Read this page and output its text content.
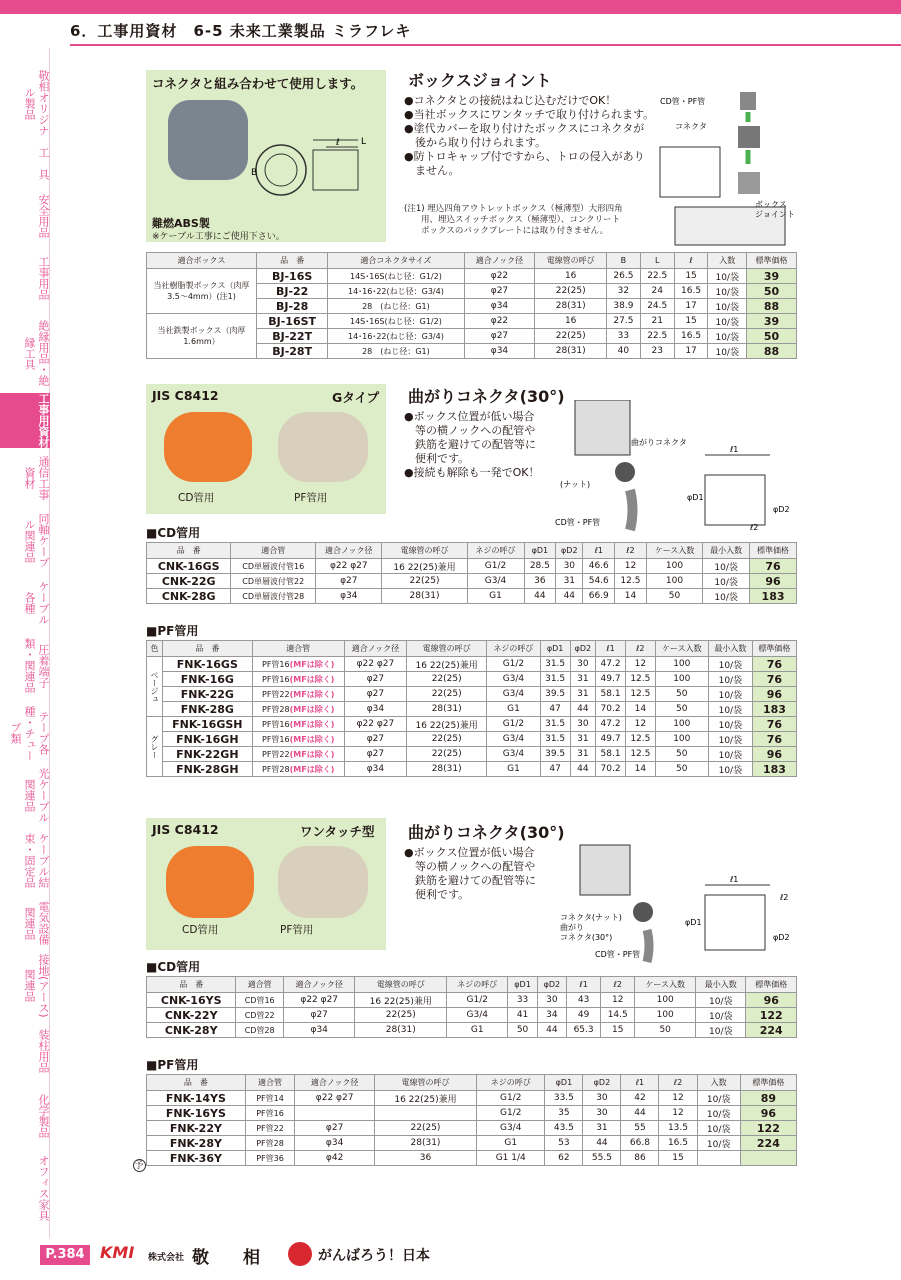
6．工事用資材　6-5 未来工業製品 ミラフレキ
敬相オリジナル製品
工　具
安全用品
工事用品
絶縁用品・絶縁工具
工事用資材
通信工事資材
同軸ケーブル関連品
ケーブル各種
圧着端子類・関連品
テープ各種・チューブ類
光ケーブル関連品
ケーブル結束・固定品
電気設備関連品
接地(アース)関連品
装柱用品
化学製品
オフィス家具
コネクタと組み合わせて使用します。
L
ℓ
B
難燃ABS製
※ケーブル工事にご使用下さい。
ボックスジョイント
●コネクタとの接続はねじ込むだけでOK！
●当社ボックスにワンタッチで取り付けられます。
●塗代カバーを取り付けたボックスにコネクタが
　後から取り付けられます。
●防トロキャップ付ですから、トロの侵入があり
　ません。
(注1) 埋込四角アウトレットボックス（極薄型）大形四角
　　用、埋込スイッチボックス（極薄型）、コンクリート
　　ボックスのバックプレートには取り付きません。
CD管・PF管
コネクタ
ボックス
ジョイント
適合ボックス	品　番	適合コネクタサイズ	適合ノック径	電線管の呼び	B	L	ℓ	入数	標準価格
当社樹脂製ボックス（肉厚3.5～4mm）(注1)	BJ-16S	14S･16S(ねじ径：G1/2)	φ22	16	26.5	22.5	15	10/袋	39
	BJ-22	14･16･22(ねじ径：G3/4)	φ27	22(25)	32	24	16.5	10/袋	50
	BJ-28	28　(ねじ径：G1)	φ34	28(31)	38.9	24.5	17	10/袋	88
当社鉄製ボックス（肉厚1.6mm）	BJ-16ST	14S･16S(ねじ径：G1/2)	φ22	16	27.5	21	15	10/袋	39
	BJ-22T	14･16･22(ねじ径：G3/4)	φ27	22(25)	33	22.5	16.5	10/袋	50
	BJ-28T	28　(ねじ径：G1)	φ34	28(31)	40	23	17	10/袋	88
JIS C8412	Gタイプ
CD管用	PF管用
曲がりコネクタ(30°)
●ボックス位置が低い場合
　等の横ノックへの配管や
　鉄筋を避けての配管等に
　便利です。
●接続も解除も一発でOK！
曲がりコネクタ
(ナット)
CD管・PF管
ℓ1
φD1
φD2
ℓ2
■CD管用
品　番	適合管	適合ノック径	電線管の呼び	ネジの呼び	φD1	φD2	ℓ1	ℓ2	ケース入数	最小入数	標準価格
CNK-16GS	CD単層波付管16	φ22 φ27	16 22(25)兼用	G1/2	28.5	30	46.6	12	100	10/袋	76
CNK-22G	CD単層波付管22	φ27	22(25)	G3/4	36	31	54.6	12.5	100	10/袋	96
CNK-28G	CD単層波付管28	φ34	28(31)	G1	44	44	66.9	14	50	10/袋	183
■PF管用
色	品　番	適合管	適合ノック径	電線管の呼び	ネジの呼び	φD1	φD2	ℓ1	ℓ2	ケース入数	最小入数	標準価格
ベージュ	FNK-16GS	PF管16(MFは除く)	φ22 φ27	16 22(25)兼用	G1/2	31.5	30	47.2	12	100	10/袋	76
	FNK-16G	PF管16(MFは除く)	φ27	22(25)	G3/4	31.5	31	49.7	12.5	100	10/袋	76
	FNK-22G	PF管22(MFは除く)	φ27	22(25)	G3/4	39.5	31	58.1	12.5	50	10/袋	96
	FNK-28G	PF管28(MFは除く)	φ34	28(31)	G1	47	44	70.2	14	50	10/袋	183
グレー	FNK-16GSH	PF管16(MFは除く)	φ22 φ27	16 22(25)兼用	G1/2	31.5	30	47.2	12	100	10/袋	76
	FNK-16GH	PF管16(MFは除く)	φ27	22(25)	G3/4	31.5	31	49.7	12.5	100	10/袋	76
	FNK-22GH	PF管22(MFは除く)	φ27	22(25)	G3/4	39.5	31	58.1	12.5	50	10/袋	96
	FNK-28GH	PF管28(MFは除く)	φ34	28(31)	G1	47	44	70.2	14	50	10/袋	183
JIS C8412	ワンタッチ型
CD管用	PF管用
曲がりコネクタ(30°)
●ボックス位置が低い場合
　等の横ノックへの配管や
　鉄筋を避けての配管等に
　便利です。
コネクタ(ナット)
曲がり
コネクタ(30°)
CD管・PF管
ℓ1
φD1
φD2
ℓ2
■CD管用
品　番	適合管	適合ノック径	電線管の呼び	ネジの呼び	φD1	φD2	ℓ1	ℓ2	ケース入数	最小入数	標準価格
CNK-16YS	CD管16	φ22 φ27	16 22(25)兼用	G1/2	33	30	43	12	100	10/袋	96
CNK-22Y	CD管22	φ27	22(25)	G3/4	41	34	49	14.5	100	10/袋	122
CNK-28Y	CD管28	φ34	28(31)	G1	50	44	65.3	15	50	10/袋	224
■PF管用
品　番	適合管	適合ノック径	電線管の呼び	ネジの呼び	φD1	φD2	ℓ1	ℓ2	入数	標準価格
FNK-14YS	PF管14	φ22 φ27	16 22(25)兼用	G1/2	33.5	30	42	12	10/袋	89
FNK-16YS	PF管16			G1/2	35	30	44	12	10/袋	96
FNK-22Y	PF管22	φ27	22(25)	G3/4	43.5	31	55	13.5	10/袋	122
FNK-28Y	PF管28	φ34	28(31)	G1	53	44	66.8	16.5	10/袋	224
FNK-36Y	PF管36	φ42	36	G1 1/4	62	55.5	86	15		

予
P.384 KMI 株式会社 敬　　相	がんばろう！日本
